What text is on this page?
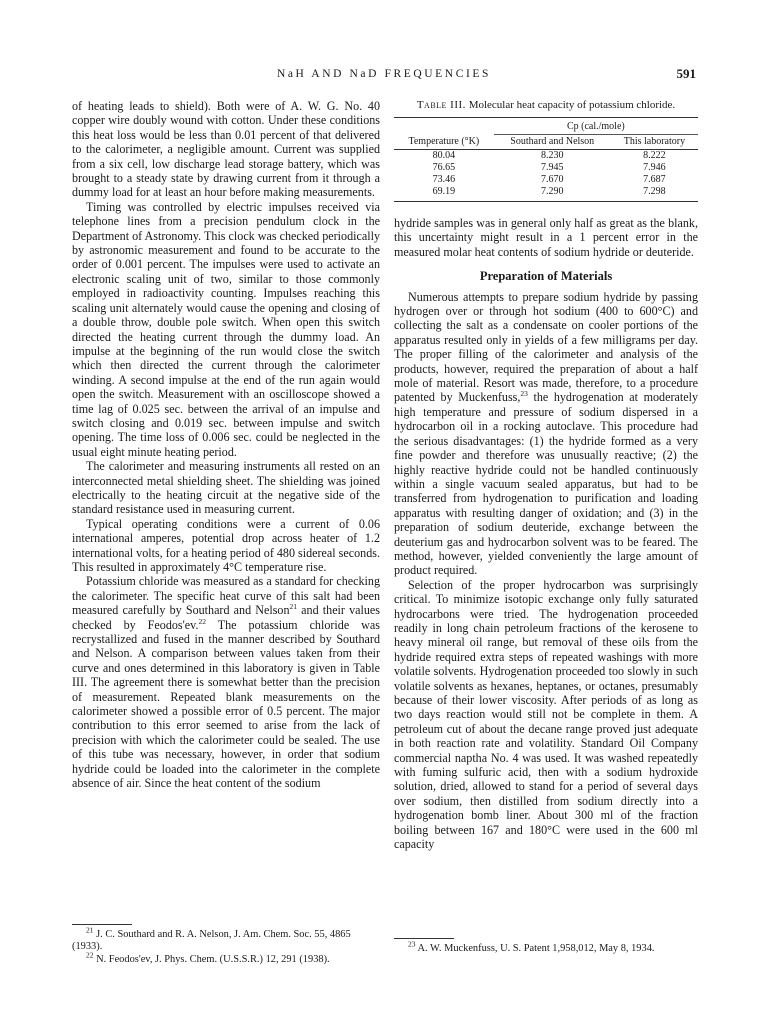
NaH AND NaD FREQUENCIES	591

of heating leads to shield). Both were of A. W. G. No. 40 copper wire doubly wound with cotton. Under these conditions this heat loss would be less than 0.01 percent of that delivered to the calorimeter, a negligible amount. Current was supplied from a six cell, low discharge lead storage battery, which was brought to a steady state by drawing current from it through a dummy load for at least an hour before making measurements.

Timing was controlled by electric impulses received via telephone lines from a precision pendulum clock in the Department of Astronomy. This clock was checked periodically by astronomic measurement and found to be accurate to the order of 0.001 percent. The impulses were used to activate an electronic scaling unit of two, similar to those commonly employed in radioactivity counting. Impulses reaching this scaling unit alternately would cause the opening and closing of a double throw, double pole switch. When open this switch directed the heating current through the dummy load. An impulse at the beginning of the run would close the switch which then directed the current through the calorimeter winding. A second impulse at the end of the run again would open the switch. Measurement with an oscilloscope showed a time lag of 0.025 sec. between the arrival of an impulse and switch closing and 0.019 sec. between impulse and switch opening. The time loss of 0.006 sec. could be neglected in the usual eight minute heating period.

The calorimeter and measuring instruments all rested on an interconnected metal shielding sheet. The shielding was joined electrically to the heating circuit at the negative side of the standard resistance used in measuring current.

Typical operating conditions were a current of 0.06 international amperes, potential drop across heater of 1.2 international volts, for a heating period of 480 sidereal seconds. This resulted in approximately 4°C temperature rise.

Potassium chloride was measured as a standard for checking the calorimeter. The specific heat curve of this salt had been measured carefully by Southard and Nelson$^{21}$ and their values checked by Feodos'ev.$^{22}$ The potassium chloride was recrystallized and fused in the manner described by Southard and Nelson. A comparison between values taken from their curve and ones determined in this laboratory is given in Table III. The agreement there is somewhat better than the precision of measurement. Repeated blank measurements on the calorimeter showed a possible error of 0.5 percent. The major contribution to this error seemed to arise from the lack of precision with which the calorimeter could be sealed. The use of this tube was necessary, however, in order that sodium hydride could be loaded into the calorimeter in the complete absence of air. Since the heat content of the sodium

$^{21}$ J. C. Southard and R. A. Nelson, J. Am. Chem. Soc. 55, 4865 (1933).

$^{22}$ N. Feodos'ev, J. Phys. Chem. (U.S.S.R.) 12, 291 (1938).

Table III. Molecular heat capacity of potassium chloride.

	Cp (cal./mole)	
Temperature (°K)	Southard and Nelson	This laboratory
80.04	8.230	8.222
76.65	7.945	7.946
73.46	7.670	7.687
69.19	7.290	7.298

hydride samples was in general only half as great as the blank, this uncertainty might result in a 1 percent error in the measured molar heat contents of sodium hydride or deuteride.

Preparation of Materials

Numerous attempts to prepare sodium hydride by passing hydrogen over or through hot sodium (400 to 600°C) and collecting the salt as a condensate on cooler portions of the apparatus resulted only in yields of a few milligrams per day. The proper filling of the calorimeter and analysis of the products, however, required the preparation of about a half mole of material. Resort was made, therefore, to a procedure patented by Muckenfuss,$^{23}$ the hydrogenation at moderately high temperature and pressure of sodium dispersed in a hydrocarbon oil in a rocking autoclave. This procedure had the serious disadvantages: (1) the hydride formed as a very fine powder and therefore was unusually reactive; (2) the highly reactive hydride could not be handled continuously within a single vacuum sealed apparatus, but had to be transferred from hydrogenation to purification and loading apparatus with resulting danger of oxidation; and (3) in the preparation of sodium deuteride, exchange between the deuterium gas and hydrocarbon solvent was to be feared. The method, however, yielded conveniently the large amount of product required.

Selection of the proper hydrocarbon was surprisingly critical. To minimize isotopic exchange only fully saturated hydrocarbons were tried. The hydrogenation proceeded readily in long chain petroleum fractions of the kerosene to heavy mineral oil range, but removal of these oils from the hydride required extra steps of repeated washings with more volatile solvents. Hydrogenation proceeded too slowly in such volatile solvents as hexanes, heptanes, or octanes, presumably because of their lower viscosity. After periods of as long as two days reaction would still not be complete in them. A petroleum cut of about the decane range proved just adequate in both reaction rate and volatility. Standard Oil Company commercial naptha No. 4 was used. It was washed repeatedly with fuming sulfuric acid, then with a sodium hydroxide solution, dried, allowed to stand for a period of several days over sodium, then distilled from sodium directly into a hydrogenation bomb liner. About 300 ml of the fraction boiling between 167 and 180°C were used in the 600 ml capacity

$^{23}$ A. W. Muckenfuss, U. S. Patent 1,958,012, May 8, 1934.
